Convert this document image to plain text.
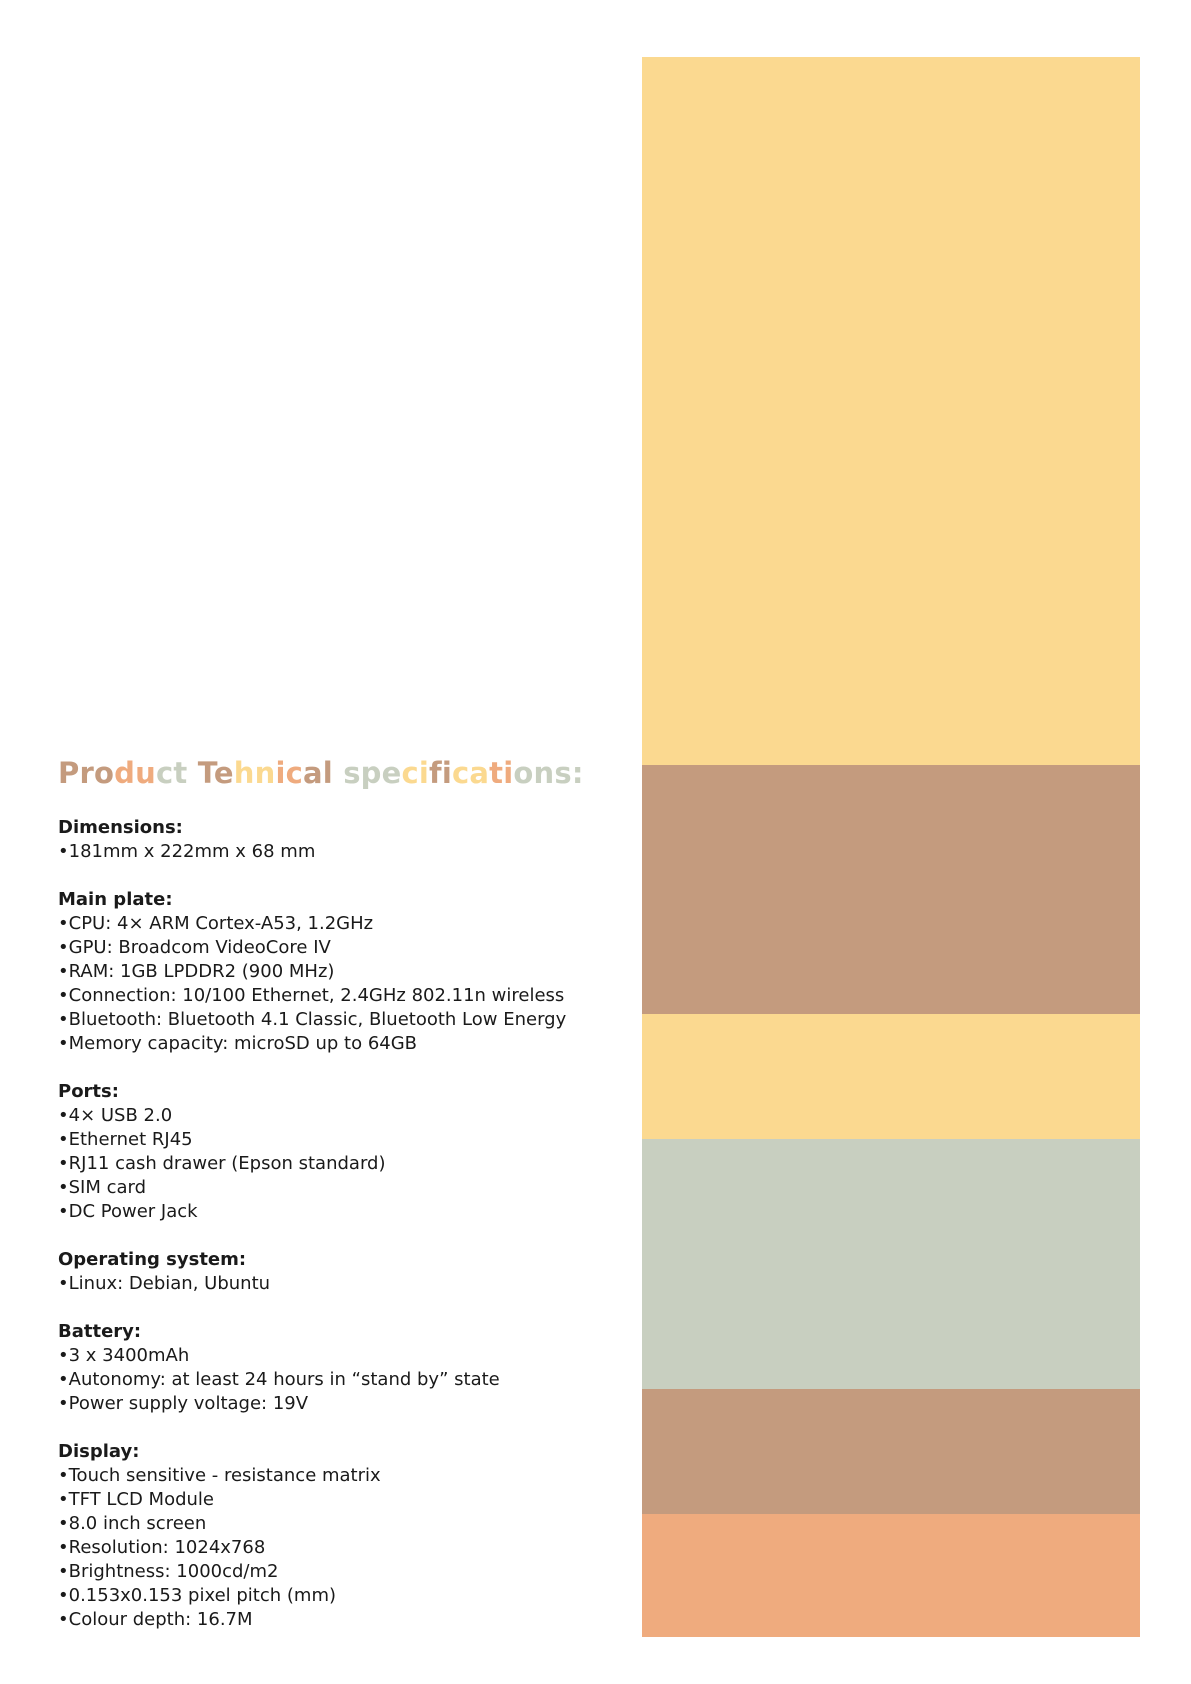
Product Tehnical specifications:
Dimensions:
• 181mm x 222mm x 68 mm
Main plate:
• CPU: 4× ARM Cortex-A53, 1.2GHz
• GPU: Broadcom VideoCore IV
• RAM: 1GB LPDDR2 (900 MHz)
• Connection: 10/100 Ethernet, 2.4GHz 802.11n wireless
• Bluetooth: Bluetooth 4.1 Classic, Bluetooth Low Energy
• Memory capacity: microSD up to 64GB
Ports:
• 4× USB 2.0
• Ethernet RJ45
• RJ11 cash drawer (Epson standard)
• SIM card
• DC Power Jack
Operating system:
• Linux: Debian, Ubuntu
Battery:
• 3 x 3400mAh
• Autonomy: at least 24 hours in “stand by” state
• Power supply voltage: 19V
Display:
• Touch sensitive - resistance matrix
• TFT LCD Module
• 8.0 inch screen
• Resolution: 1024x768
• Brightness: 1000cd/m2
• 0.153x0.153 pixel pitch (mm)
• Colour depth: 16.7M
